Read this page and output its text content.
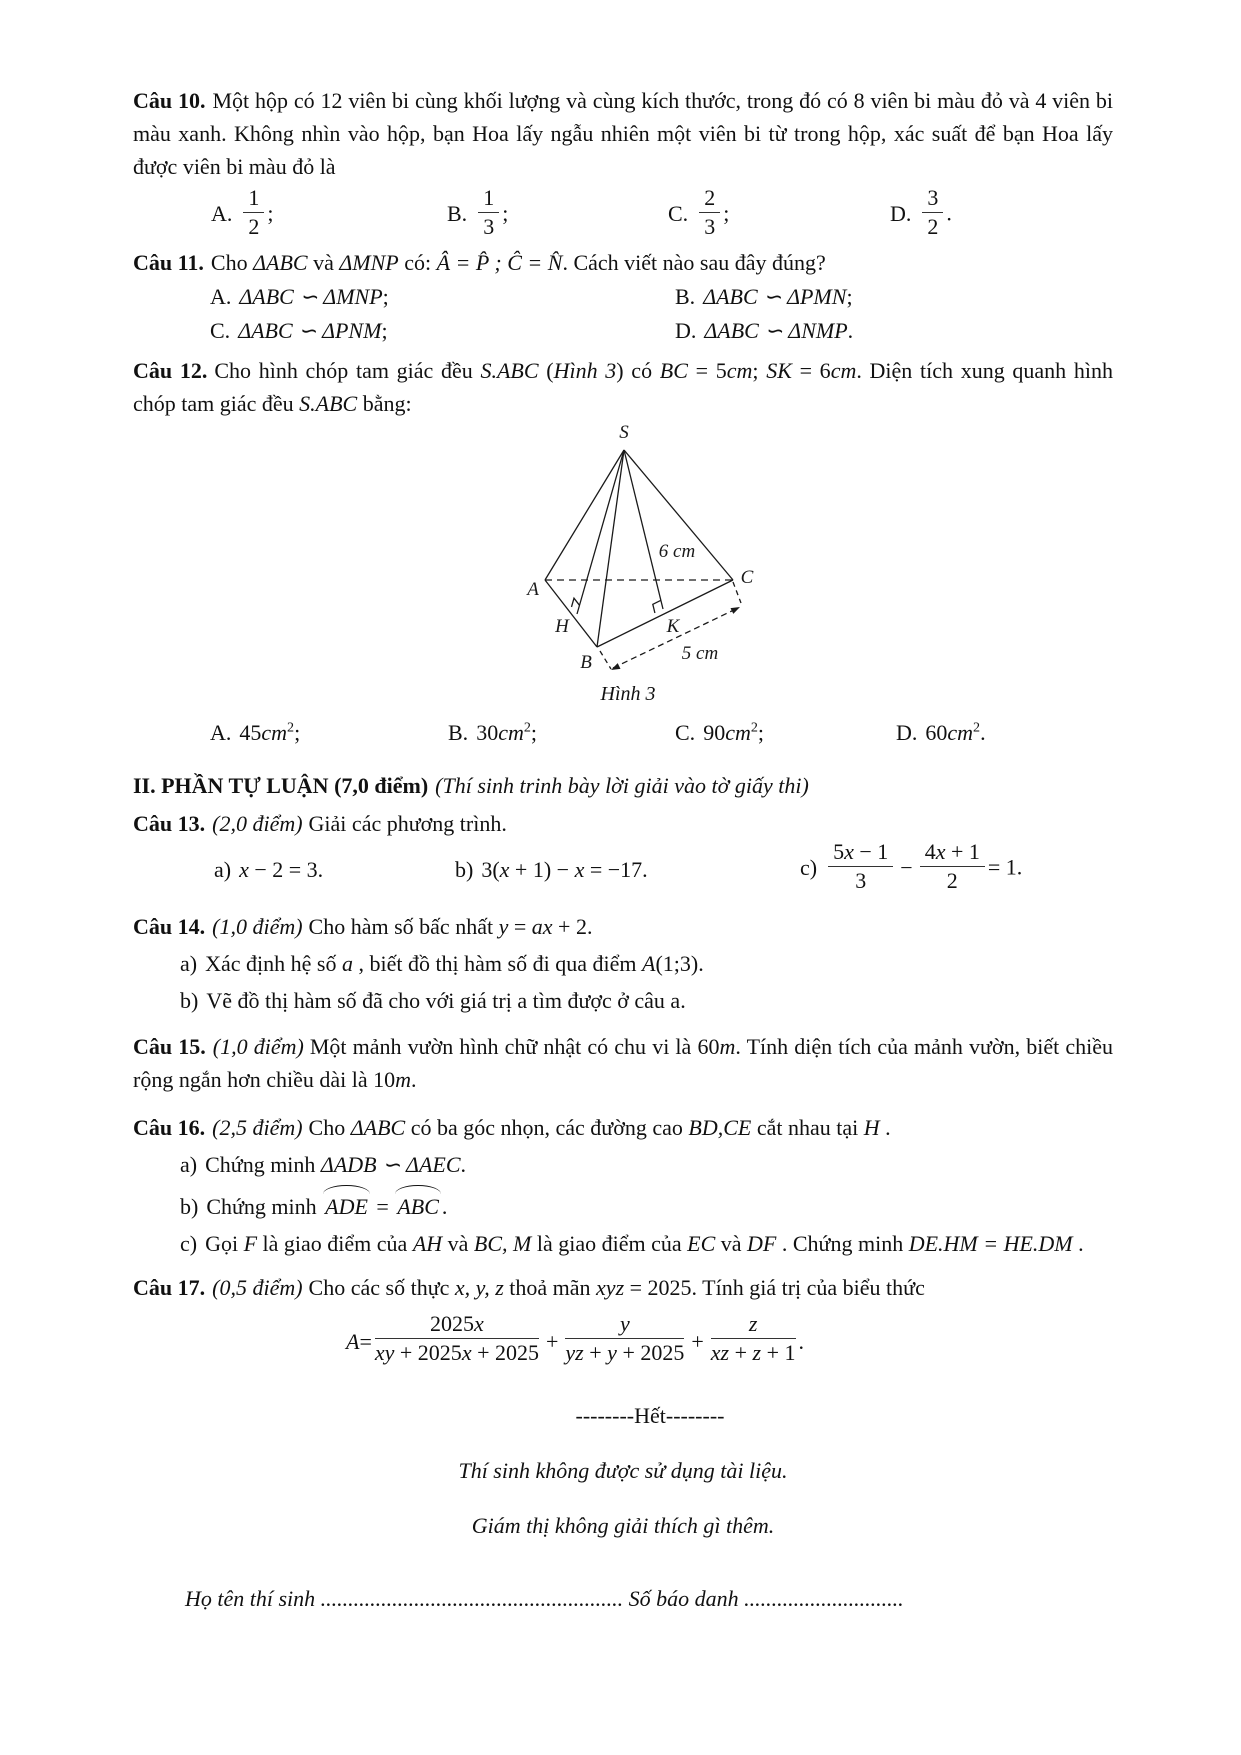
Câu 10. Một hộp có 12 viên bi cùng khối lượng và cùng kích thước, trong đó có 8 viên bi màu đỏ và 4 viên bi màu xanh. Không nhìn vào hộp, bạn Hoa lấy ngẫu nhiên một viên bi từ trong hộp, xác suất để bạn Hoa lấy được viên bi màu đỏ là

A. $\frac{1}{2}$ ;	B. $\frac{1}{3}$ ;	C. $\frac{2}{3}$ ;	D. $\frac{3}{2}$ .

Câu 11. Cho ΔABC và ΔMNP có: Â = P̂ ; Ĉ = N̂. Cách viết nào sau đây đúng?

A. ΔABC ∽ ΔMNP;	B. ΔABC ∽ ΔPMN;
C. ΔABC ∽ ΔPNM;	D. ΔABC ∽ ΔNMP.

Câu 12. Cho hình chóp tam giác đều S.ABC (Hình 3) có BC = 5cm; SK = 6cm. Diện tích xung quanh hình chóp tam giác đều S.ABC bằng:

S
A
B
C
H	K
6 cm
5 cm

Hình 3

A. $45cm^2$;	B. $30cm^2$;	C. $90cm^2$;	D. $60cm^2$.

II. PHẦN TỰ LUẬN (7,0 điểm) (Thí sinh trinh bày lời giải vào tờ giấy thi)

Câu 13. (2,0 điểm) Giải các phương trình.

a) x − 2 = 3.	b) 3(x + 1) − x = −17.	$c) \frac{5x - 1}{3} - \frac{4x + 1}{2} = 1$.

Câu 14. (1,0 điểm) Cho hàm số bấc nhất y = ax + 2.

a) Xác định hệ số a , biết đồ thị hàm số đi qua điểm A(1;3).

b) Vẽ đồ thị hàm số đã cho với giá trị a tìm được ở câu a.

Câu 15. (1,0 điểm) Một mảnh vườn hình chữ nhật có chu vi là 60m. Tính diện tích của mảnh vườn, biết chiều rộng ngắn hơn chiều dài là 10m.

Câu 16. (2,5 điểm) Cho ΔABC có ba góc nhọn, các đường cao BD,CE cắt nhau tại H .

a) Chứng minh ΔADB ∽ ΔAEC.

b) Chứng minh ADE = ABC .

c) Gọi F là giao điểm của AH và BC, M là giao điểm của EC và DF . Chứng minh DE.HM = HE.DM .

Câu 17. (0,5 điểm) Cho các số thực x, y, z thoả mãn xyz = 2025. Tính giá trị của biểu thức

$A = \frac{2025x}{xy + 2025x + 2025} + \frac{y}{yz + y + 2025} + \frac{z}{xz + z + 1}$ .

--------Hết--------

Thí sinh không được sử dụng tài liệu.

Giám thị không giải thích gì thêm.

Họ tên thí sinh ....................................................... Số báo danh .............................
